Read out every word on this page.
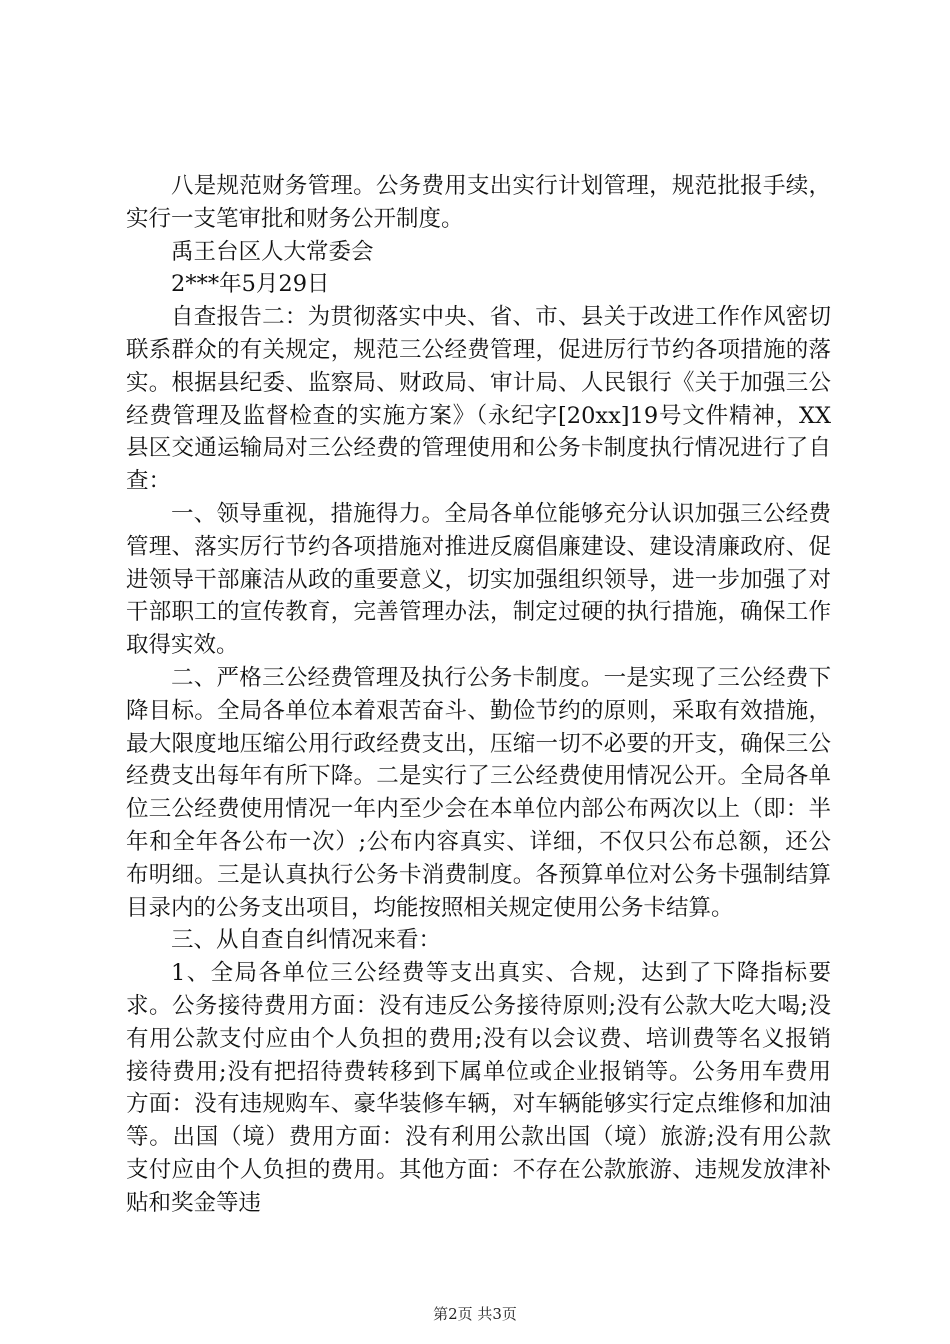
八是规范财务管理。公务费用支出实行计划管理，规范批报手续，实行一支笔审批和财务公开制度。

禹王台区人大常委会

2***年5月29日

自查报告二：为贯彻落实中央、省、市、县关于改进工作作风密切联系群众的有关规定，规范三公经费管理，促进厉行节约各项措施的落实。根据县纪委、监察局、财政局、审计局、人民银行《关于加强三公经费管理及监督检查的实施方案》（永纪字[20xx]19号文件精神，XX县区交通运输局对三公经费的管理使用和公务卡制度执行情况进行了自查：

一、领导重视，措施得力。全局各单位能够充分认识加强三公经费管理、落实厉行节约各项措施对推进反腐倡廉建设、建设清廉政府、促进领导干部廉洁从政的重要意义，切实加强组织领导，进一步加强了对干部职工的宣传教育，完善管理办法，制定过硬的执行措施，确保工作取得实效。

二、严格三公经费管理及执行公务卡制度。一是实现了三公经费下降目标。全局各单位本着艰苦奋斗、勤俭节约的原则，采取有效措施，最大限度地压缩公用行政经费支出，压缩一切不必要的开支，确保三公经费支出每年有所下降。二是实行了三公经费使用情况公开。全局各单位三公经费使用情况一年内至少会在本单位内部公布两次以上（即：半年和全年各公布一次）;公布内容真实、详细，不仅只公布总额，还公布明细。三是认真执行公务卡消费制度。各预算单位对公务卡强制结算目录内的公务支出项目，均能按照相关规定使用公务卡结算。

三、从自查自纠情况来看：

1、全局各单位三公经费等支出真实、合规，达到了下降指标要求。公务接待费用方面：没有违反公务接待原则;没有公款大吃大喝;没有用公款支付应由个人负担的费用;没有以会议费、培训费等名义报销接待费用;没有把招待费转移到下属单位或企业报销等。公务用车费用方面：没有违规购车、豪华装修车辆，对车辆能够实行定点维修和加油等。出国（境）费用方面：没有利用公款出国（境）旅游;没有用公款支付应由个人负担的费用。其他方面：不存在公款旅游、违规发放津补贴和奖金等违

第2页 共3页
